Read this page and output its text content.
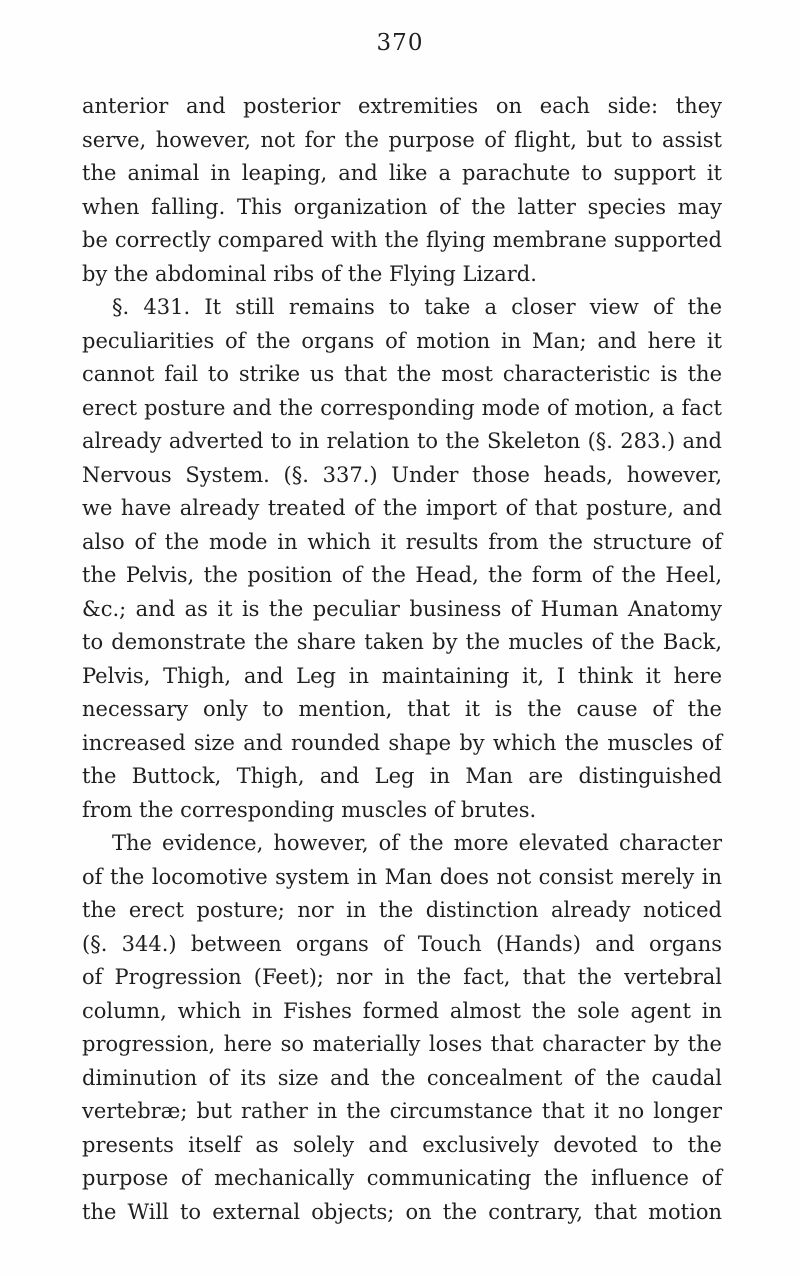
370
anterior and posterior extremities on each side: they
serve, however, not for the purpose of flight, but to assist
the animal in leaping, and like a parachute to support it
when falling. This organization of the latter species may
be correctly compared with the flying membrane supported
by the abdominal ribs of the Flying Lizard.
§. 431. It still remains to take a closer view of the
peculiarities of the organs of motion in Man; and here it
cannot fail to strike us that the most characteristic is the
erect posture and the corresponding mode of motion, a fact
already adverted to in relation to the Skeleton (§. 283.) and
Nervous System. (§. 337.) Under those heads, however,
we have already treated of the import of that posture, and
also of the mode in which it results from the structure of
the Pelvis, the position of the Head, the form of the Heel,
&c.; and as it is the peculiar business of Human Anatomy
to demonstrate the share taken by the mucles of the Back,
Pelvis, Thigh, and Leg in maintaining it, I think it here
necessary only to mention, that it is the cause of the
increased size and rounded shape by which the muscles of
the Buttock, Thigh, and Leg in Man are distinguished
from the corresponding muscles of brutes.
The evidence, however, of the more elevated character
of the locomotive system in Man does not consist merely in
the erect posture; nor in the distinction already noticed
(§. 344.) between organs of Touch (Hands) and organs
of Progression (Feet); nor in the fact, that the vertebral
column, which in Fishes formed almost the sole agent in
progression, here so materially loses that character by the
diminution of its size and the concealment of the caudal
vertebræ; but rather in the circumstance that it no longer
presents itself as solely and exclusively devoted to the
purpose of mechanically communicating the influence of
the Will to external objects; on the contrary, that motion
